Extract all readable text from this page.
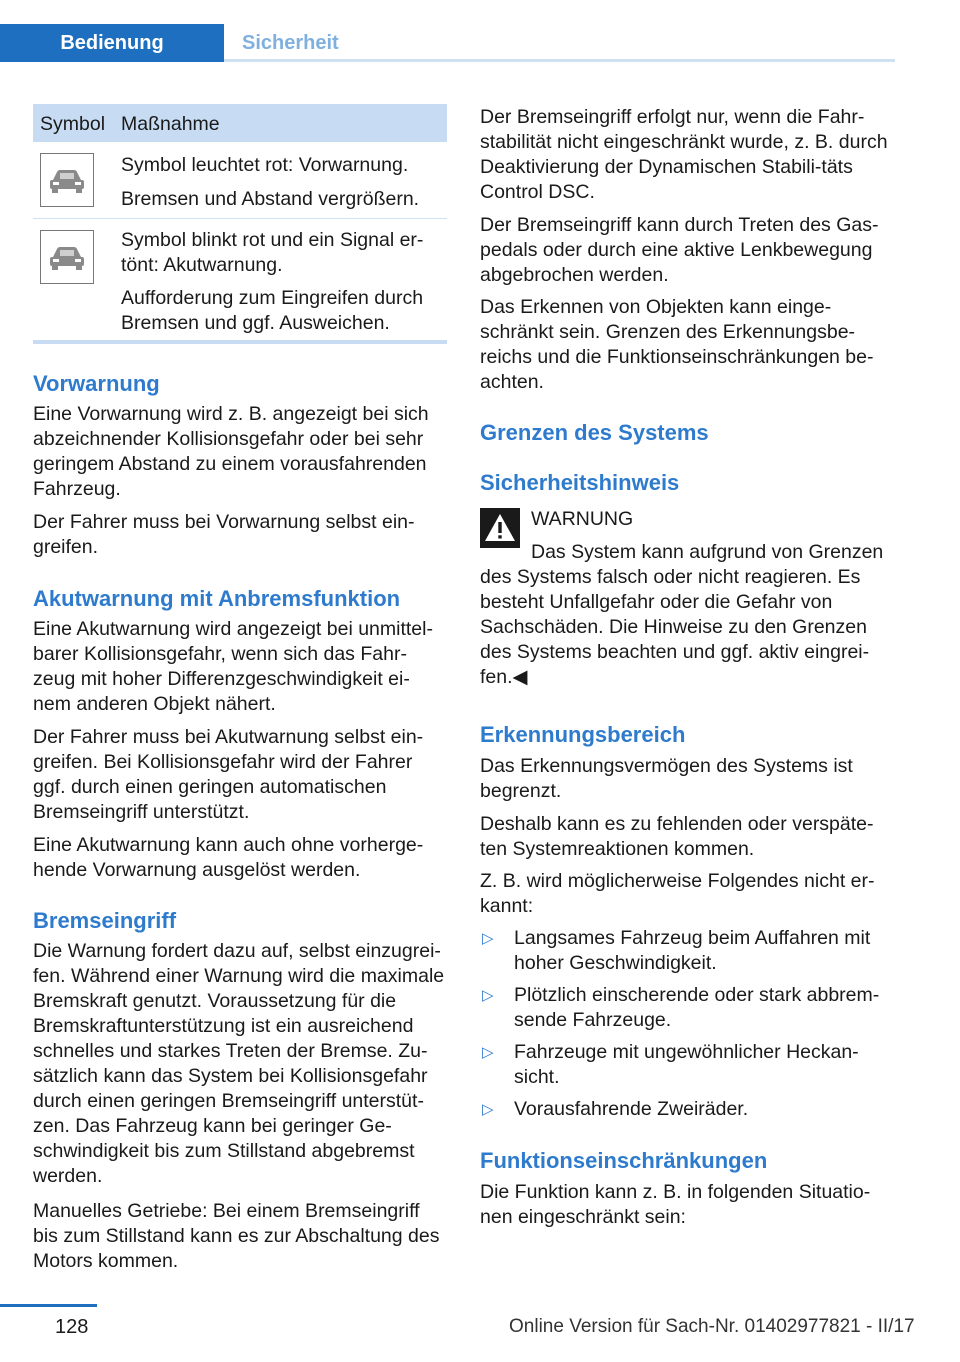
Bedienung	Sicherheit
Symbol Maßnahme

Symbol leuchtet rot: Vorwarnung.

Bremsen und Abstand vergrößern.

Symbol blinkt rot und ein Signal er-

tönt: Akutwarnung.

Aufforderung zum Eingreifen durch

Bremsen und ggf. Ausweichen.

Vorwarnung

Eine Vorwarnung wird z. B. angezeigt bei sich abzeichnender Kollisionsgefahr oder bei sehr geringem Abstand zu einem vorausfahrenden Fahrzeug.

Der Fahrer muss bei Vorwarnung selbst ein-greifen.

Akutwarnung mit Anbremsfunktion

Eine Akutwarnung wird angezeigt bei unmittel-barer Kollisionsgefahr, wenn sich das Fahr-zeug mit hoher Differenzgeschwindigkeit ei-nem anderen Objekt nähert.

Der Fahrer muss bei Akutwarnung selbst ein-greifen. Bei Kollisionsgefahr wird der Fahrer ggf. durch einen geringen automatischen Bremseingriff unterstützt.

Eine Akutwarnung kann auch ohne vorherge-hende Vorwarnung ausgelöst werden.

Bremseingriff

Die Warnung fordert dazu auf, selbst einzugrei-fen. Während einer Warnung wird die maximale Bremskraft genutzt. Voraussetzung für die Bremskraftunterstützung ist ein ausreichend schnelles und starkes Treten der Bremse. Zu-sätzlich kann das System bei Kollisionsgefahr durch einen geringen Bremseingriff unterstüt-zen. Das Fahrzeug kann bei geringer Ge-schwindigkeit bis zum Stillstand abgebremst werden.

Manuelles Getriebe: Bei einem Bremseingriff bis zum Stillstand kann es zur Abschaltung des Motors kommen.

Der Bremseingriff erfolgt nur, wenn die Fahr-stabilität nicht eingeschränkt wurde, z. B. durch Deaktivierung der Dynamischen Stabili-täts Control DSC.

Der Bremseingriff kann durch Treten des Gas-pedals oder durch eine aktive Lenkbewegung abgebrochen werden.

Das Erkennen von Objekten kann einge-schränkt sein. Grenzen des Erkennungsbe-reichs und die Funktionseinschränkungen be-achten.

Grenzen des Systems
Sicherheitshinweis

WARNUNG

Das System kann aufgrund von Grenzen

des Systems falsch oder nicht reagieren. Es besteht Unfallgefahr oder die Gefahr von Sachschäden. Die Hinweise zu den Grenzen des Systems beachten und ggf. aktiv eingrei-fen.◀

Erkennungsbereich

Das Erkennungsvermögen des Systems ist begrenzt.

Deshalb kann es zu fehlenden oder verspäte-ten Systemreaktionen kommen.

Z. B. wird möglicherweise Folgendes nicht er-kannt:

▷ Langsames Fahrzeug beim Auffahren mit hoher Geschwindigkeit.
▷ Plötzlich einscherende oder stark abbrem-sende Fahrzeuge.
▷ Fahrzeuge mit ungewöhnlicher Heckan-sicht.
▷ Vorausfahrende Zweiräder.
Funktionseinschränkungen

Die Funktion kann z. B. in folgenden Situatio-nen eingeschränkt sein:

128	Online Version für Sach-Nr. 01402977821 - II/17
